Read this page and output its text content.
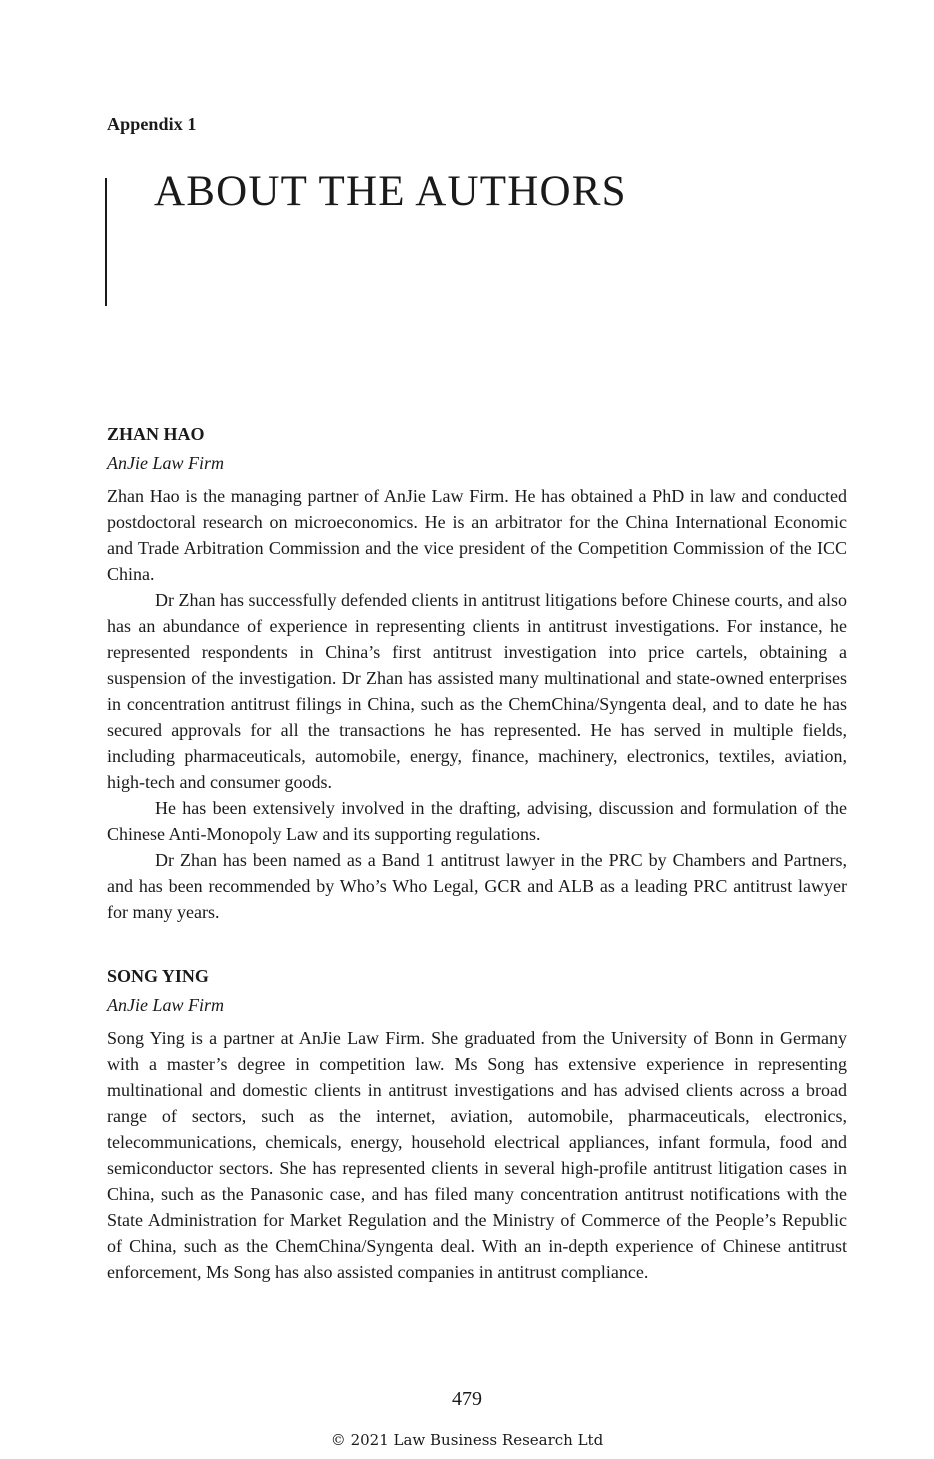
Appendix 1
ABOUT THE AUTHORS

ZHAN HAO

AnJie Law Firm

Zhan Hao is the managing partner of AnJie Law Firm. He has obtained a PhD in law and conducted postdoctoral research on microeconomics. He is an arbitrator for the China International Economic and Trade Arbitration Commission and the vice president of the Competition Commission of the ICC China.

Dr Zhan has successfully defended clients in antitrust litigations before Chinese courts, and also has an abundance of experience in representing clients in antitrust investigations. For instance, he represented respondents in China’s first antitrust investigation into price cartels, obtaining a suspension of the investigation. Dr Zhan has assisted many multinational and state-owned enterprises in concentration antitrust filings in China, such as the ChemChina/Syngenta deal, and to date he has secured approvals for all the transactions he has represented. He has served in multiple fields, including pharmaceuticals, automobile, energy, finance, machinery, electronics, textiles, aviation, high-tech and consumer goods.

He has been extensively involved in the drafting, advising, discussion and formulation of the Chinese Anti-Monopoly Law and its supporting regulations.

Dr Zhan has been named as a Band 1 antitrust lawyer in the PRC by Chambers and Partners, and has been recommended by Who’s Who Legal, GCR and ALB as a leading PRC antitrust lawyer for many years.

SONG YING

AnJie Law Firm

Song Ying is a partner at AnJie Law Firm. She graduated from the University of Bonn in Germany with a master’s degree in competition law. Ms Song has extensive experience in representing multinational and domestic clients in antitrust investigations and has advised clients across a broad range of sectors, such as the internet, aviation, automobile, pharmaceuticals, electronics, telecommunications, chemicals, energy, household electrical appliances, infant formula, food and semiconductor sectors. She has represented clients in several high-profile antitrust litigation cases in China, such as the Panasonic case, and has filed many concentration antitrust notifications with the State Administration for Market Regulation and the Ministry of Commerce of the People’s Republic of China, such as the ChemChina/Syngenta deal. With an in-depth experience of Chinese antitrust enforcement, Ms Song has also assisted companies in antitrust compliance.

479
© 2021 Law Business Research Ltd
